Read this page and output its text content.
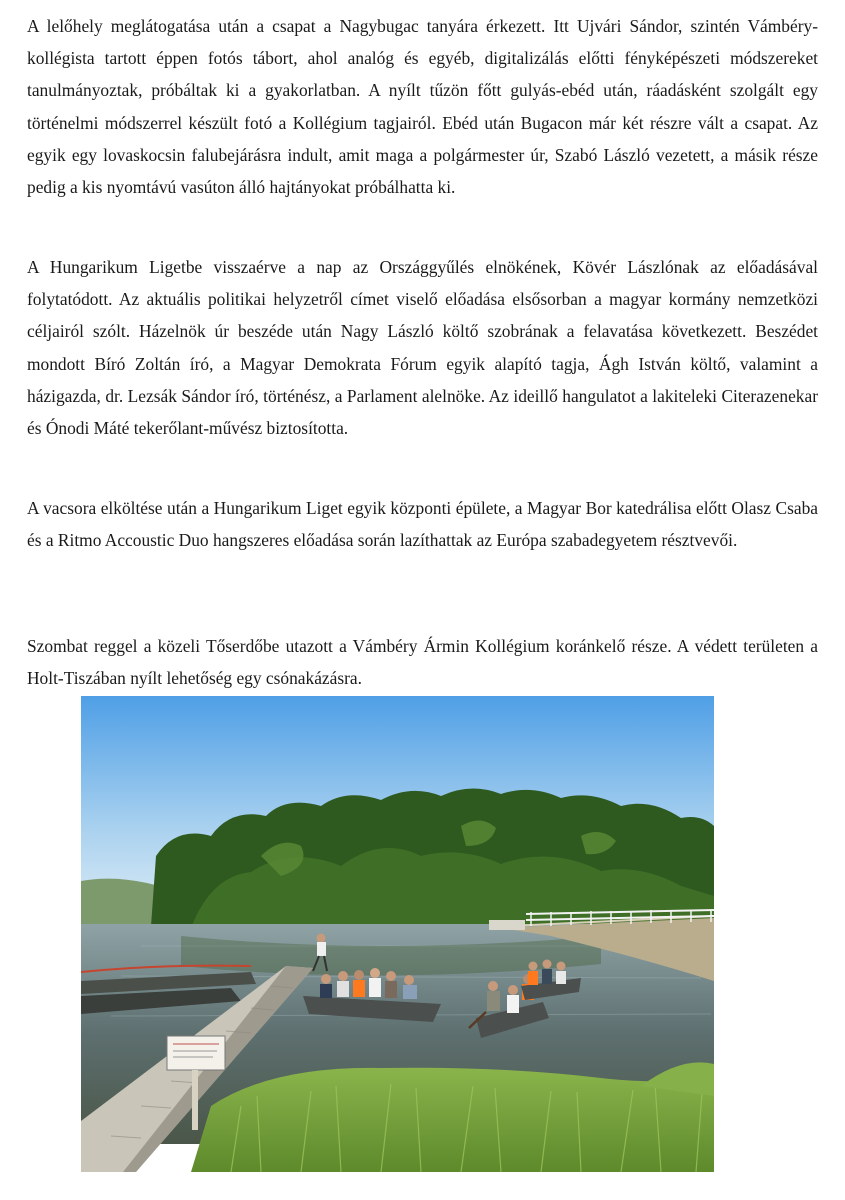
A lelőhely meglátogatása után a csapat a Nagybugac tanyára érkezett. Itt Ujvári Sándor, szintén Vámbéry-kollégista tartott éppen fotós tábort, ahol analóg és egyéb, digitalizálás előtti fényképészeti módszereket tanulmányoztak, próbáltak ki a gyakorlatban. A nyílt tűzön főtt gulyás-ebéd után, ráadásként szolgált egy történelmi módszerrel készült fotó a Kollégium tagjairól. Ebéd után Bugacon már két részre vált a csapat. Az egyik egy lovaskocsin falubejárásra indult, amit maga a polgármester úr, Szabó László vezetett, a másik része pedig a kis nyomtávú vasúton álló hajtányokat próbálhatta ki.

A Hungarikum Ligetbe visszaérve a nap az Országgyűlés elnökének, Kövér Lászlónak az előadásával folytatódott. Az aktuális politikai helyzetről címet viselő előadása elsősorban a magyar kormány nemzetközi céljairól szólt. Házelnök úr beszéde után Nagy László költő szobrának a felavatása következett. Beszédet mondott Bíró Zoltán író, a Magyar Demokrata Fórum egyik alapító tagja, Ágh István költő, valamint a házigazda, dr. Lezsák Sándor író, történész, a Parlament alelnöke. Az ideillő hangulatot a lakiteleki Citerazenekar és Ónodi Máté tekerőlant-művész biztosította.

A vacsora elköltése után a Hungarikum Liget egyik központi épülete, a Magyar Bor katedrálisa előtt Olasz Csaba és a Ritmo Accoustic Duo hangszeres előadása során lazíthattak az Európa szabadegyetem résztvevői.

Szombat reggel a közeli Tőserdőbe utazott a Vámbéry Ármin Kollégium koránkelő része. A védett területen a Holt-Tiszában nyílt lehetőség egy csónakázásra.
